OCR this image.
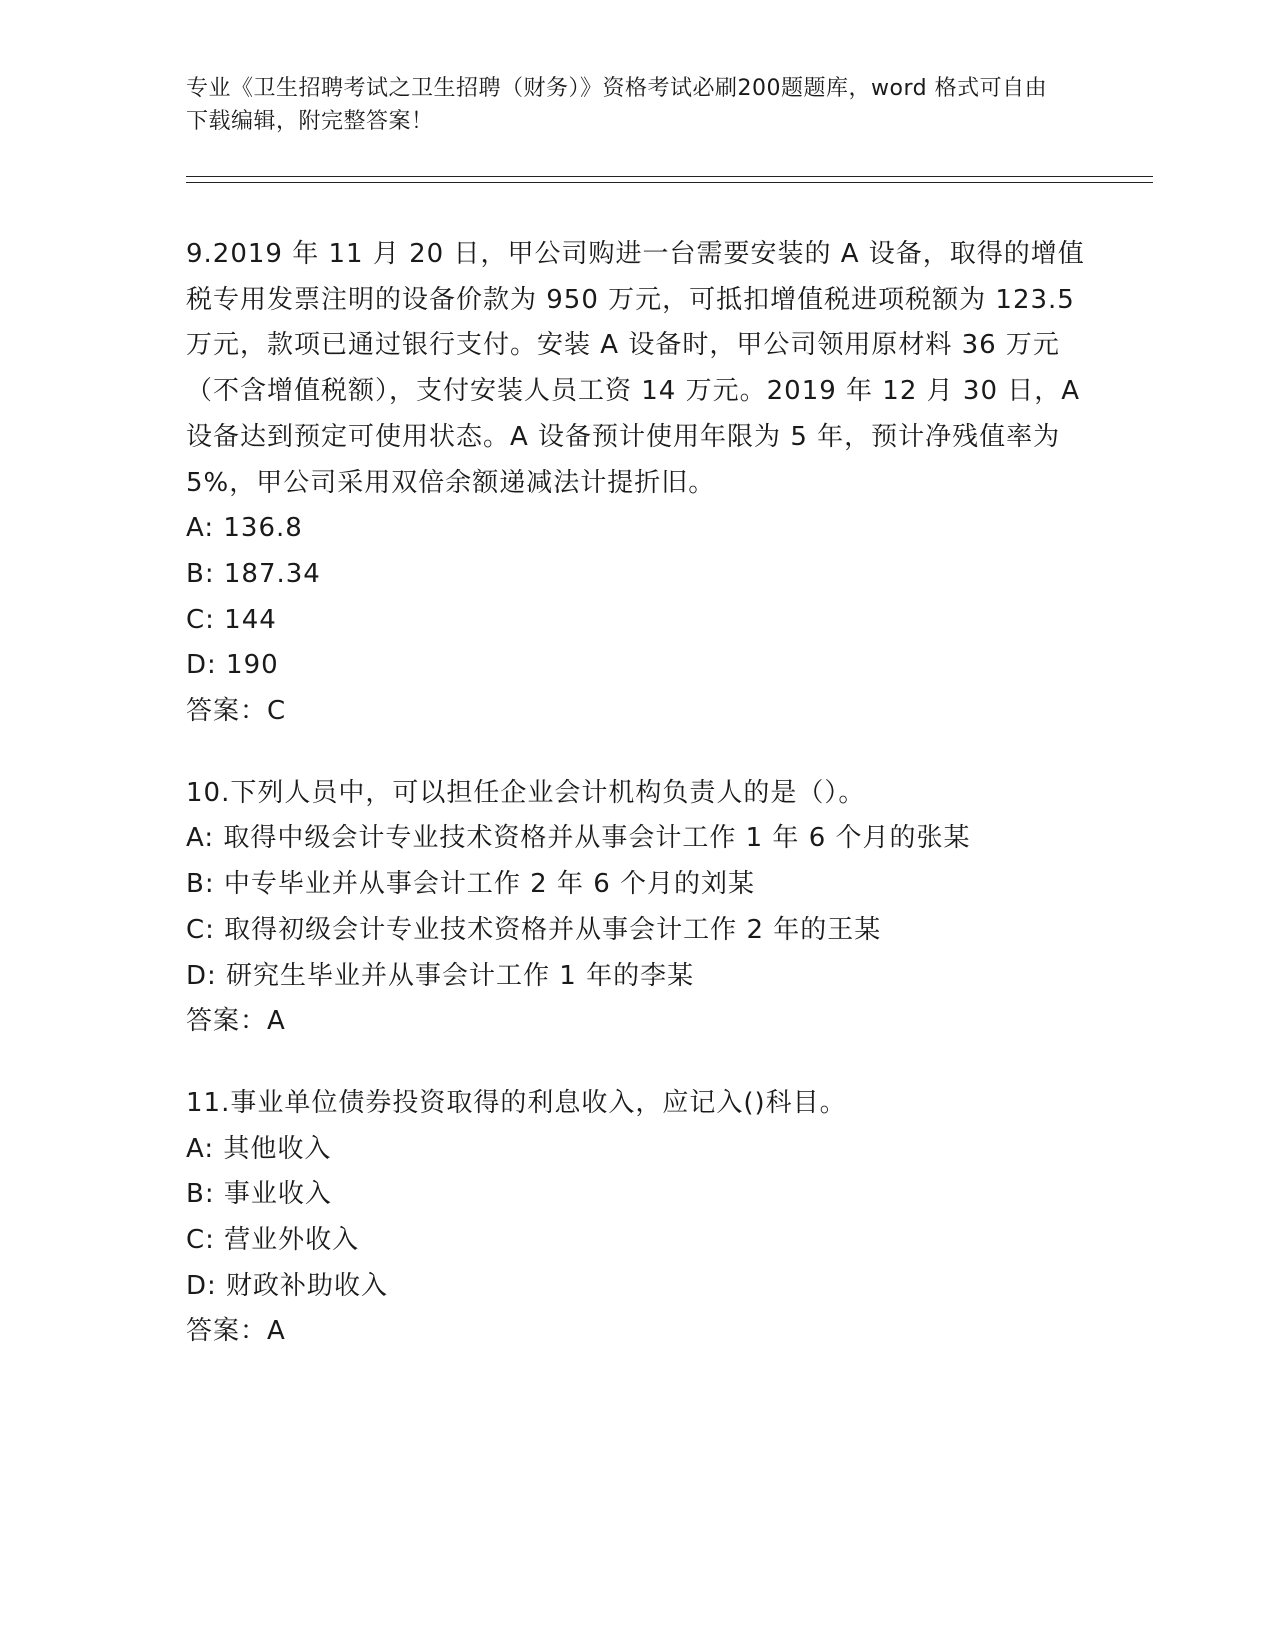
专业《卫生招聘考试之卫生招聘（财务）》资格考试必刷200题题库，word 格式可自由下载编辑，附完整答案！

9.2019 年 11 月 20 日，甲公司购进一台需要安装的 A 设备，取得的增值税专用发票注明的设备价款为 950 万元，可抵扣增值税进项税额为 123.5 万元，款项已通过银行支付。安装 A 设备时，甲公司领用原材料 36 万元（不含增值税额），支付安装人员工资 14 万元。2019 年 12 月 30 日，A 设备达到预定可使用状态。A 设备预计使用年限为 5 年，预计净残值率为 5%，甲公司采用双倍余额递减法计提折旧。

A: 136.8

B: 187.34

C: 144

D: 190

答案：C

10.下列人员中，可以担任企业会计机构负责人的是（）。

A: 取得中级会计专业技术资格并从事会计工作 1 年 6 个月的张某

B: 中专毕业并从事会计工作 2 年 6 个月的刘某

C: 取得初级会计专业技术资格并从事会计工作 2 年的王某

D: 研究生毕业并从事会计工作 1 年的李某

答案：A

11.事业单位债券投资取得的利息收入，应记入()科目。

A: 其他收入

B: 事业收入

C: 营业外收入

D: 财政补助收入

答案：A
